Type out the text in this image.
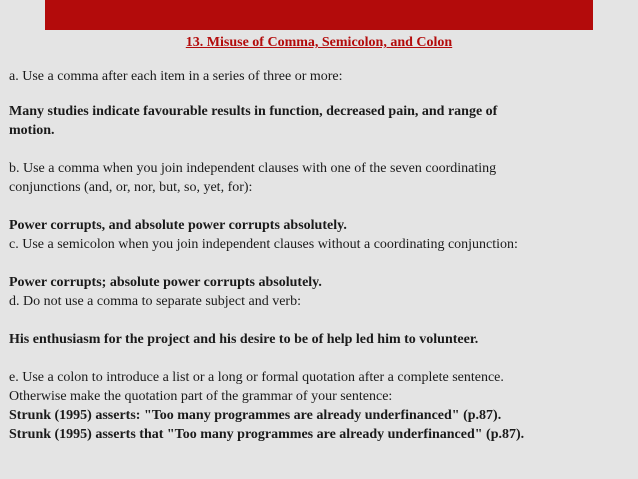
13. Misuse of Comma, Semicolon, and Colon
a. Use a comma after each item in a series of three or more:
Many studies indicate favourable results in function, decreased pain, and range of
motion.
b. Use a comma when you join independent clauses with one of the seven coordinating
conjunctions (and, or, nor, but, so, yet, for):
Power corrupts, and absolute power corrupts absolutely.
c. Use a semicolon when you join independent clauses without a coordinating conjunction:
Power corrupts; absolute power corrupts absolutely.
d. Do not use a comma to separate subject and verb:
His enthusiasm for the project and his desire to be of help led him to volunteer.
e. Use a colon to introduce a list or a long or formal quotation after a complete sentence.
Otherwise make the quotation part of the grammar of your sentence:
Strunk (1995) asserts: "Too many programmes are already underfinanced" (p.87).
Strunk (1995) asserts that "Too many programmes are already underfinanced" (p.87).
